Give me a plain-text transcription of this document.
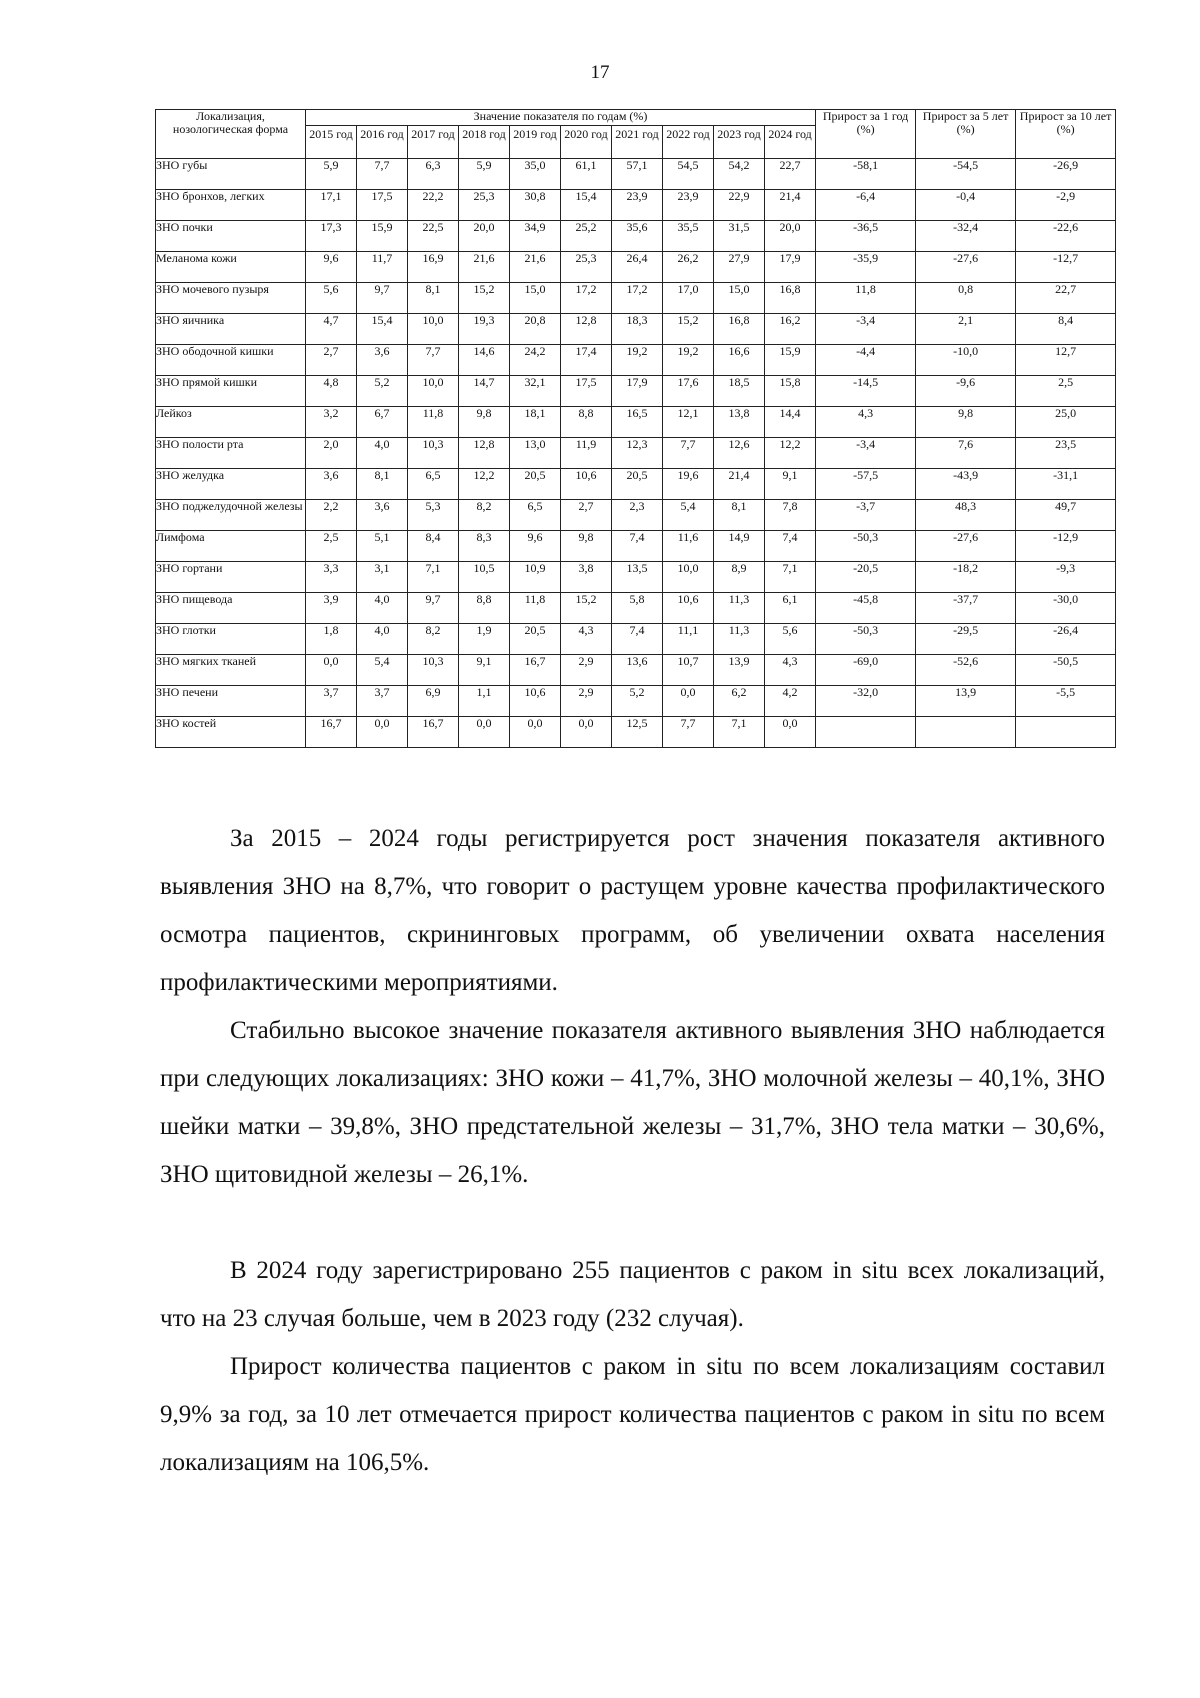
17
Локализация, нозологическая форма	Значение показателя по годам (%)										Прирост за 1 год (%)	Прирост за 5 лет (%)	Прирост за 10 лет (%)
	2015 год	2016 год	2017 год	2018 год	2019 год	2020 год	2021 год	2022 год	2023 год	2024 год			
ЗНО губы	5,9	7,7	6,3	5,9	35,0	61,1	57,1	54,5	54,2	22,7	-58,1	-54,5	-26,9
ЗНО бронхов, легких	17,1	17,5	22,2	25,3	30,8	15,4	23,9	23,9	22,9	21,4	-6,4	-0,4	-2,9
ЗНО почки	17,3	15,9	22,5	20,0	34,9	25,2	35,6	35,5	31,5	20,0	-36,5	-32,4	-22,6
Меланома кожи	9,6	11,7	16,9	21,6	21,6	25,3	26,4	26,2	27,9	17,9	-35,9	-27,6	-12,7
ЗНО мочевого пузыря	5,6	9,7	8,1	15,2	15,0	17,2	17,2	17,0	15,0	16,8	11,8	0,8	22,7
ЗНО яичника	4,7	15,4	10,0	19,3	20,8	12,8	18,3	15,2	16,8	16,2	-3,4	2,1	8,4
ЗНО ободочной кишки	2,7	3,6	7,7	14,6	24,2	17,4	19,2	19,2	16,6	15,9	-4,4	-10,0	12,7
ЗНО прямой кишки	4,8	5,2	10,0	14,7	32,1	17,5	17,9	17,6	18,5	15,8	-14,5	-9,6	2,5
Лейкоз	3,2	6,7	11,8	9,8	18,1	8,8	16,5	12,1	13,8	14,4	4,3	9,8	25,0
ЗНО полости рта	2,0	4,0	10,3	12,8	13,0	11,9	12,3	7,7	12,6	12,2	-3,4	7,6	23,5
ЗНО желудка	3,6	8,1	6,5	12,2	20,5	10,6	20,5	19,6	21,4	9,1	-57,5	-43,9	-31,1
ЗНО поджелудочной железы	2,2	3,6	5,3	8,2	6,5	2,7	2,3	5,4	8,1	7,8	-3,7	48,3	49,7
Лимфома	2,5	5,1	8,4	8,3	9,6	9,8	7,4	11,6	14,9	7,4	-50,3	-27,6	-12,9
ЗНО гортани	3,3	3,1	7,1	10,5	10,9	3,8	13,5	10,0	8,9	7,1	-20,5	-18,2	-9,3
ЗНО пищевода	3,9	4,0	9,7	8,8	11,8	15,2	5,8	10,6	11,3	6,1	-45,8	-37,7	-30,0
ЗНО глотки	1,8	4,0	8,2	1,9	20,5	4,3	7,4	11,1	11,3	5,6	-50,3	-29,5	-26,4
ЗНО мягких тканей	0,0	5,4	10,3	9,1	16,7	2,9	13,6	10,7	13,9	4,3	-69,0	-52,6	-50,5
ЗНО печени	3,7	3,7	6,9	1,1	10,6	2,9	5,2	0,0	6,2	4,2	-32,0	13,9	-5,5
ЗНО костей	16,7	0,0	16,7	0,0	0,0	0,0	12,5	7,7	7,1	0,0			

За 2015 – 2024 годы регистрируется рост значения показателя активного выявления ЗНО на 8,7%, что говорит о растущем уровне качества профилактического осмотра пациентов, скрининговых программ, об увеличении охвата населения профилактическими мероприятиями.

Стабильно высокое значение показателя активного выявления ЗНО наблюдается при следующих локализациях: ЗНО кожи – 41,7%, ЗНО молочной железы – 40,1%, ЗНО шейки матки – 39,8%, ЗНО предстательной железы – 31,7%, ЗНО тела матки – 30,6%, ЗНО щитовидной железы – 26,1%.

В 2024 году зарегистрировано 255 пациентов с раком in situ всех локализаций, что на 23 случая больше, чем в 2023 году (232 случая).

Прирост количества пациентов с раком in situ по всем локализациям составил 9,9% за год, за 10 лет отмечается прирост количества пациентов с раком in situ по всем локализациям на 106,5%.
